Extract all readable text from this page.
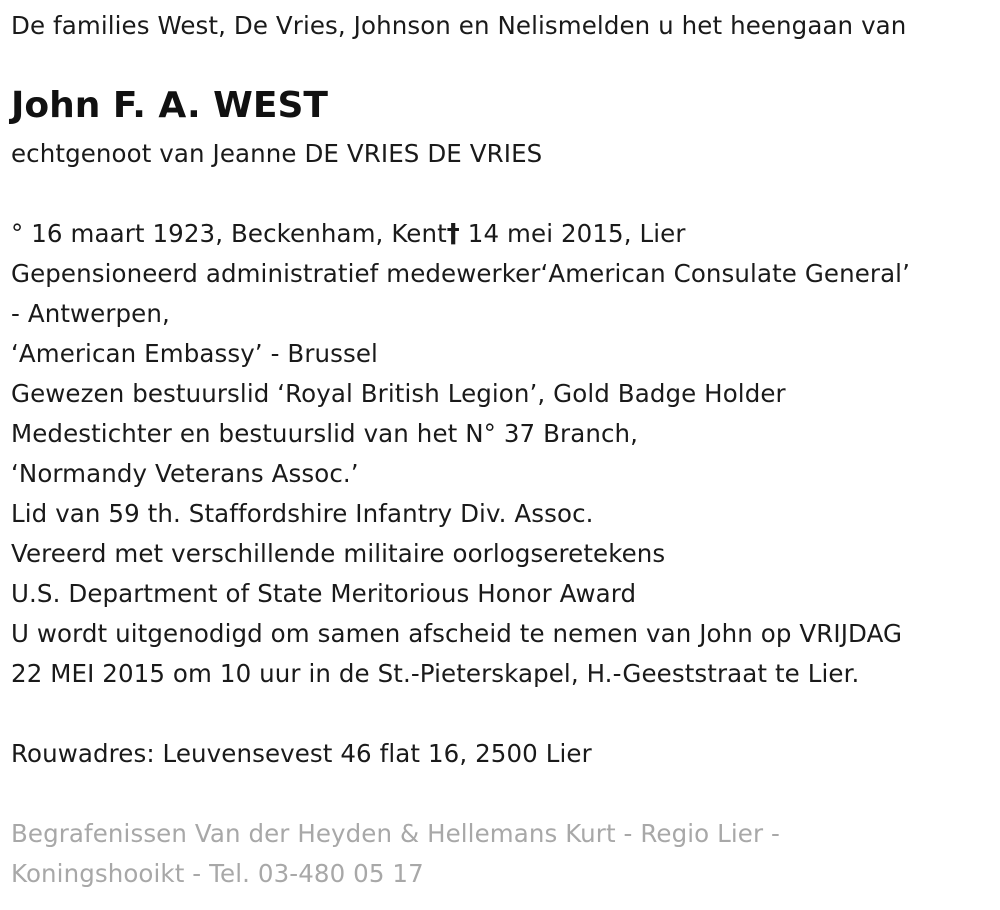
De families West, De Vries, Johnson en Nelismelden u het heengaan van
John F. A. WEST
echtgenoot van Jeanne DE VRIES DE VRIES
° 16 maart 1923, Beckenham, Kent† 14 mei 2015, Lier
Gepensioneerd administratief medewerker‘American Consulate General’
- Antwerpen,
‘American Embassy’ - Brussel
Gewezen bestuurslid ‘Royal British Legion’, Gold Badge Holder
Medestichter en bestuurslid van het N° 37 Branch,
‘Normandy Veterans Assoc.’
Lid van 59 th. Staffordshire Infantry Div. Assoc.
Vereerd met verschillende militaire oorlogseretekens
U.S. Department of State Meritorious Honor Award
U wordt uitgenodigd om samen afscheid te nemen van John op VRIJDAG
22 MEI 2015 om 10 uur in de St.-Pieterskapel, H.-Geeststraat te Lier.
Rouwadres: Leuvensevest 46 flat 16, 2500 Lier
Begrafenissen Van der Heyden & Hellemans Kurt - Regio Lier -
Koningshooikt - Tel. 03-480 05 17
